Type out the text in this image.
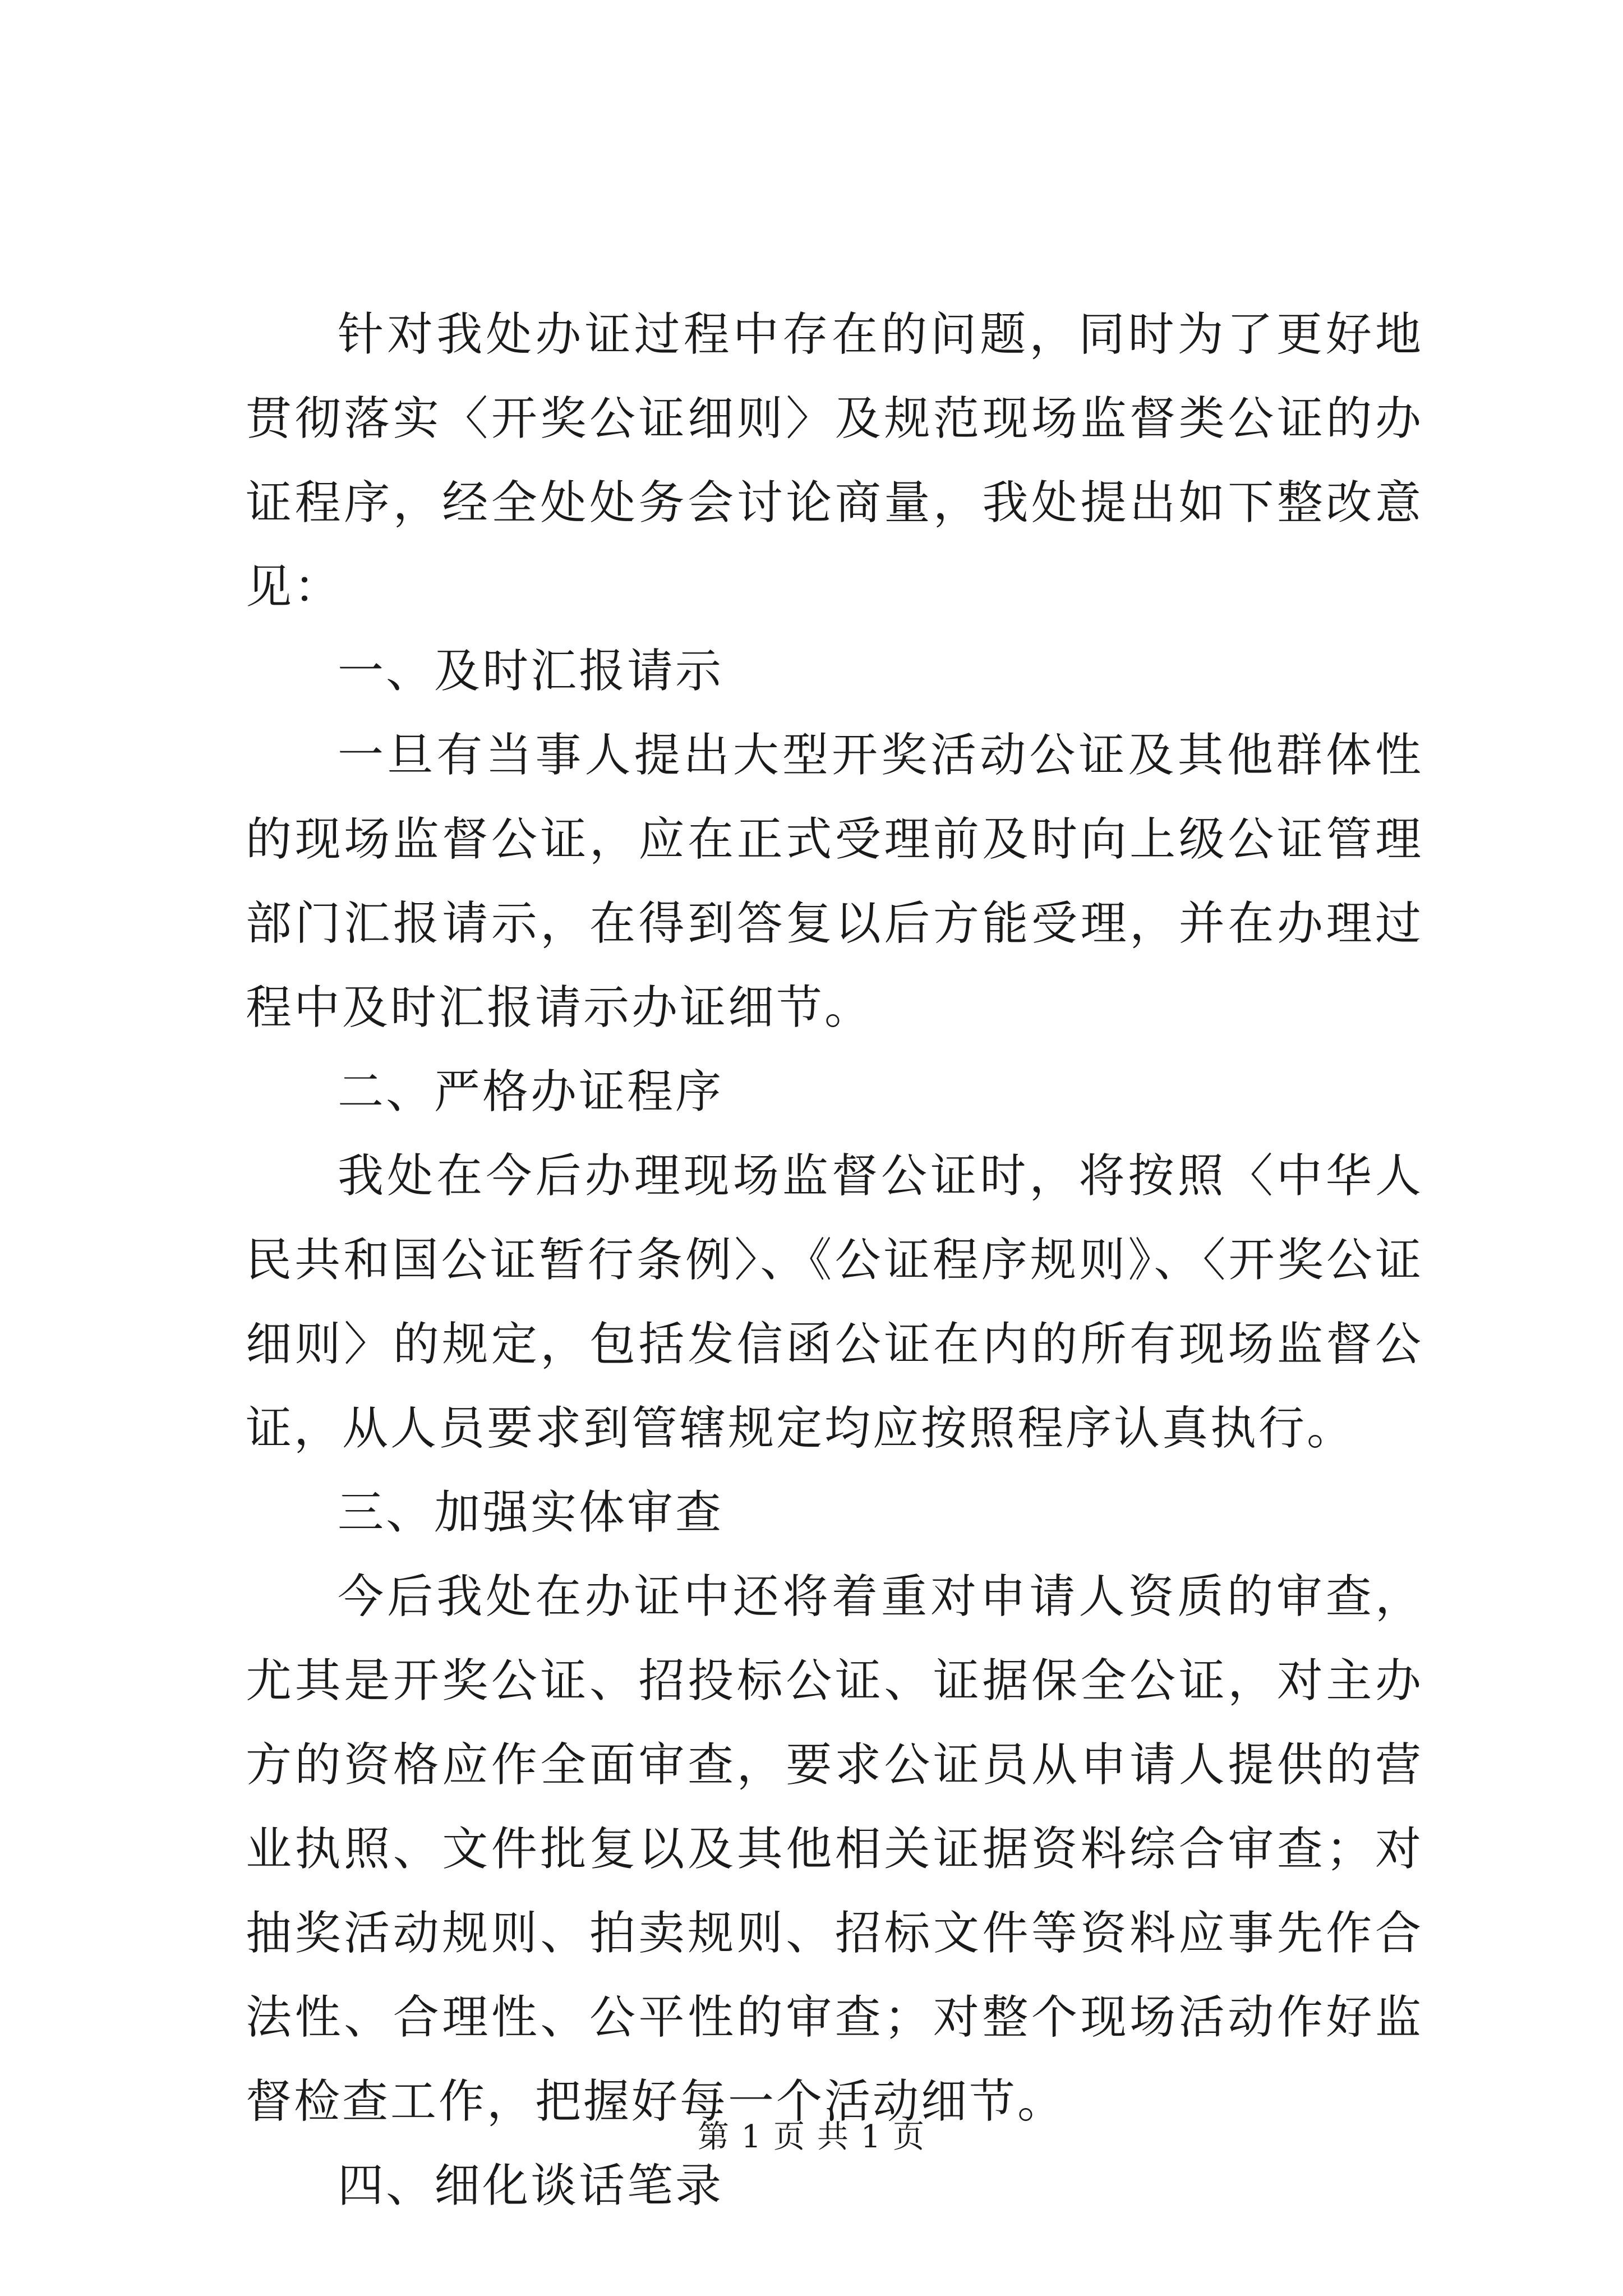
针对我处办证过程中存在的问题，同时为了更好地贯彻落实〈开奖公证细则〉及规范现场监督类公证的办证程序，经全处处务会讨论商量，我处提出如下整改意见：

一、及时汇报请示

一旦有当事人提出大型开奖活动公证及其他群体性的现场监督公证，应在正式受理前及时向上级公证管理部门汇报请示，在得到答复以后方能受理，并在办理过程中及时汇报请示办证细节。

二、严格办证程序

我处在今后办理现场监督公证时，将按照〈中华人民共和国公证暂行条例〉、《公证程序规则》、〈开奖公证细则〉的规定，包括发信函公证在内的所有现场监督公证，从人员要求到管辖规定均应按照程序认真执行。

三、加强实体审查

今后我处在办证中还将着重对申请人资质的审查，尤其是开奖公证、招投标公证、证据保全公证，对主办方的资格应作全面审查，要求公证员从申请人提供的营业执照、文件批复以及其他相关证据资料综合审查；对抽奖活动规则、拍卖规则、招标文件等资料应事先作合法性、合理性、公平性的审查；对整个现场活动作好监督检查工作，把握好每一个活动细节。

四、细化谈话笔录

第 1 页 共 1 页
